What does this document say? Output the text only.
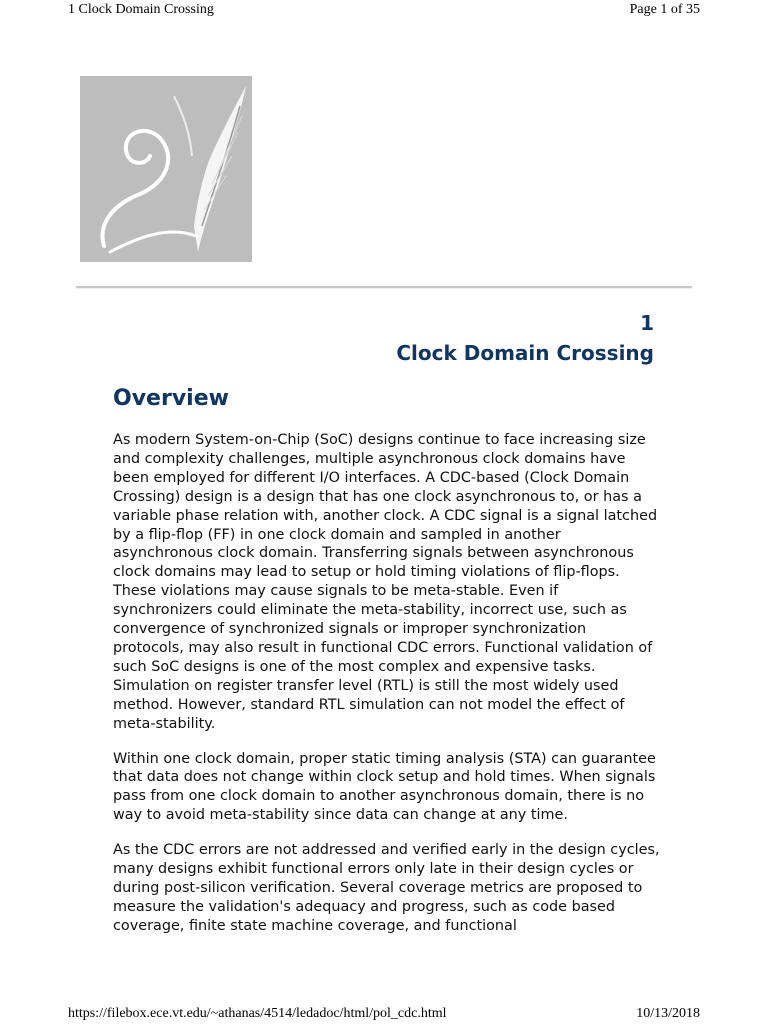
1 Clock Domain Crossing	Page 1 of 35
1
Clock Domain Crossing
Overview

As modern System-on-Chip (SoC) designs continue to face increasing size and complexity challenges, multiple asynchronous clock domains have been employed for different I/O interfaces. A CDC-based (Clock Domain Crossing) design is a design that has one clock asynchronous to, or has a variable phase relation with, another clock. A CDC signal is a signal latched by a flip-flop (FF) in one clock domain and sampled in another asynchronous clock domain. Transferring signals between asynchronous clock domains may lead to setup or hold timing violations of flip-flops. These violations may cause signals to be meta-stable. Even if synchronizers could eliminate the meta-stability, incorrect use, such as convergence of synchronized signals or improper synchronization protocols, may also result in functional CDC errors. Functional validation of such SoC designs is one of the most complex and expensive tasks. Simulation on register transfer level (RTL) is still the most widely used method. However, standard RTL simulation can not model the effect of meta-stability.

Within one clock domain, proper static timing analysis (STA) can guarantee that data does not change within clock setup and hold times. When signals pass from one clock domain to another asynchronous domain, there is no way to avoid meta-stability since data can change at any time.

As the CDC errors are not addressed and verified early in the design cycles, many designs exhibit functional errors only late in their design cycles or during post-silicon verification. Several coverage metrics are proposed to measure the validation's adequacy and progress, such as code based coverage, finite state machine coverage, and functional

https://filebox.ece.vt.edu/~athanas/4514/ledadoc/html/pol_cdc.html	10/13/2018
